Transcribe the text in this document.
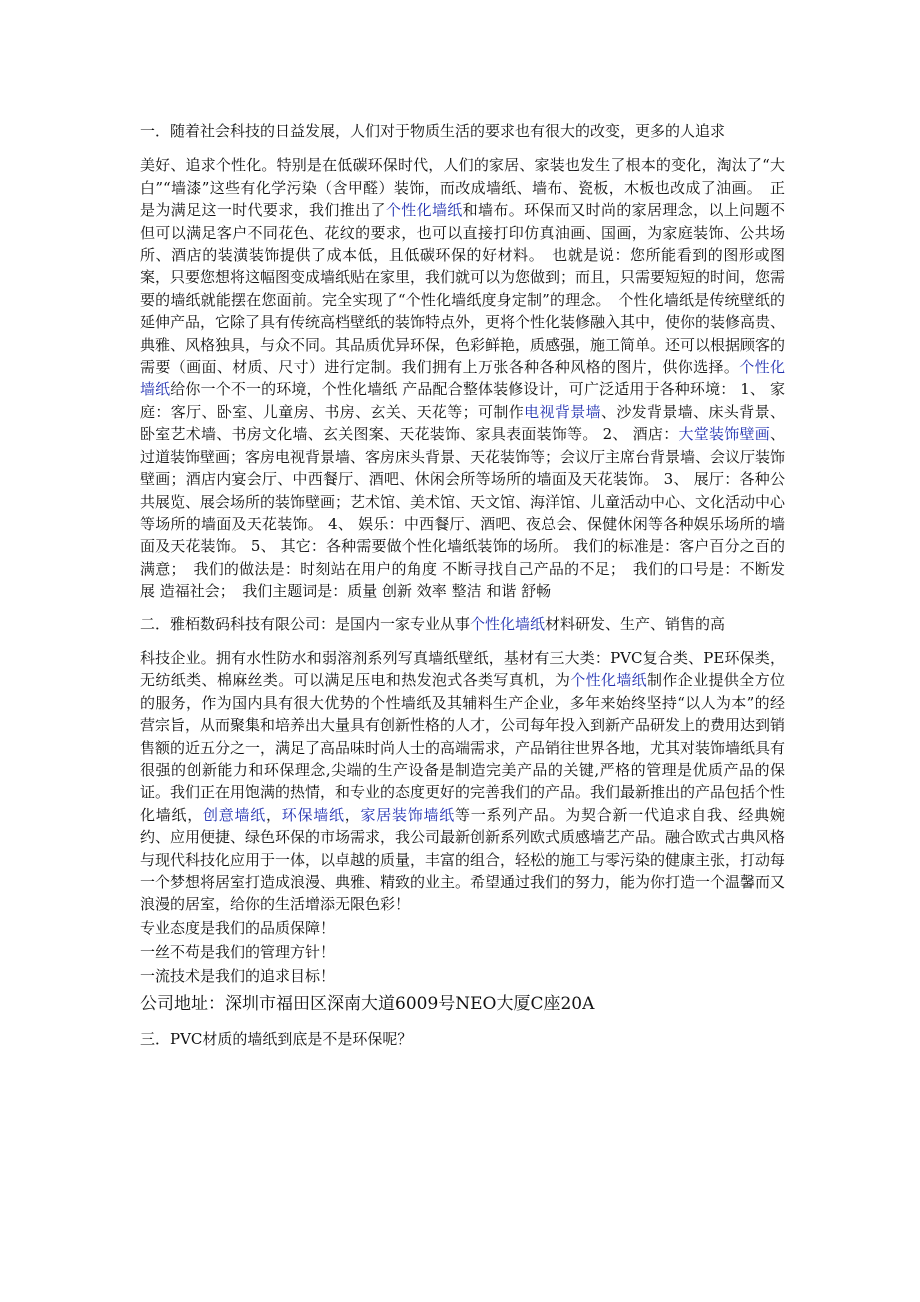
一．随着社会科技的日益发展，人们对于物质生活的要求也有很大的改变，更多的人追求
美好、追求个性化。特别是在低碳环保时代，人们的家居、家装也发生了根本的变化，淘汰了“大白”“墙漆”这些有化学污染（含甲醛）装饰，而改成墙纸、墙布、瓷板，木板也改成了油画。　正是为满足这一时代要求，我们推出了个性化墙纸和墙布。环保而又时尚的家居理念，以上问题不但可以满足客户不同花色、花纹的要求，也可以直接打印仿真油画、国画，为家庭装饰、公共场所、酒店的装潢装饰提供了成本低，且低碳环保的好材料。　也就是说：您所能看到的图形或图案，只要您想将这幅图变成墙纸贴在家里，我们就可以为您做到；而且，只需要短短的时间，您需要的墙纸就能摆在您面前。完全实现了“个性化墙纸度身定制”的理念。　个性化墙纸是传统壁纸的延伸产品，它除了具有传统高档壁纸的装饰特点外，更将个性化装修融入其中，使你的装修高贵、典雅、风格独具，与众不同。其品质优异环保，色彩鲜艳，质感强，施工简单。还可以根据顾客的需要（画面、材质、尺寸）进行定制。我们拥有上万张各种各种风格的图片，供你选择。个性化墙纸给你一个不一的环境，个性化墙纸 产品配合整体装修设计，可广泛适用于各种环境： 1、 家庭：客厅、卧室、儿童房、书房、玄关、天花等；可制作电视背景墙、沙发背景墙、床头背景、卧室艺术墙、书房文化墙、玄关图案、天花装饰、家具表面装饰等。 2、 酒店：大堂装饰壁画、过道装饰壁画；客房电视背景墙、客房床头背景、天花装饰等；会议厅主席台背景墙、会议厅装饰壁画；酒店内宴会厅、中西餐厅、酒吧、休闲会所等场所的墙面及天花装饰。 3、 展厅：各种公共展览、展会场所的装饰壁画；艺术馆、美术馆、天文馆、海洋馆、儿童活动中心、文化活动中心等场所的墙面及天花装饰。 4、 娱乐：中西餐厅、酒吧、夜总会、保健休闲等各种娱乐场所的墙面及天花装饰。 5、 其它：各种需要做个性化墙纸装饰的场所。 我们的标准是：客户百分之百的满意；　我们的做法是：时刻站在用户的角度 不断寻找自己产品的不足；　我们的口号是：不断发展 造福社会；　我们主题词是：质量 创新 效率 整洁 和谐 舒畅

二．雅栢数码科技有限公司：是国内一家专业从事个性化墙纸材料研发、生产、销售的高
科技企业。拥有水性防水和弱溶剂系列写真墙纸壁纸，基材有三大类：PVC复合类、PE环保类，无纺纸类、棉麻丝类。可以满足压电和热发泡式各类写真机，为个性化墙纸制作企业提供全方位的服务，作为国内具有很大优势的个性墙纸及其辅料生产企业，多年来始终坚持“以人为本”的经营宗旨，从而聚集和培养出大量具有创新性格的人才，公司每年投入到新产品研发上的费用达到销售额的近五分之一，满足了高品味时尚人士的高端需求，产品销往世界各地，尤其对装饰墙纸具有很强的创新能力和环保理念,尖端的生产设备是制造完美产品的关键,严格的管理是优质产品的保证。我们正在用饱满的热情，和专业的态度更好的完善我们的产品。我们最新推出的产品包括个性化墙纸，创意墙纸，环保墙纸，家居装饰墙纸等一系列产品。为契合新一代追求自我、经典婉约、应用便捷、绿色环保的市场需求，我公司最新创新系列欧式质感墙艺产品。融合欧式古典风格与现代科技化应用于一体，以卓越的质量，丰富的组合，轻松的施工与零污染的健康主张，打动每一个梦想将居室打造成浪漫、典雅、精致的业主。希望通过我们的努力，能为你打造一个温馨而又浪漫的居室，给你的生活增添无限色彩！

专业态度是我们的品质保障！

一丝不苟是我们的管理方针！

一流技术是我们的追求目标！

公司地址：深圳市福田区深南大道6009号NEO大厦C座20A

三．PVC材质的墙纸到底是不是环保呢？
